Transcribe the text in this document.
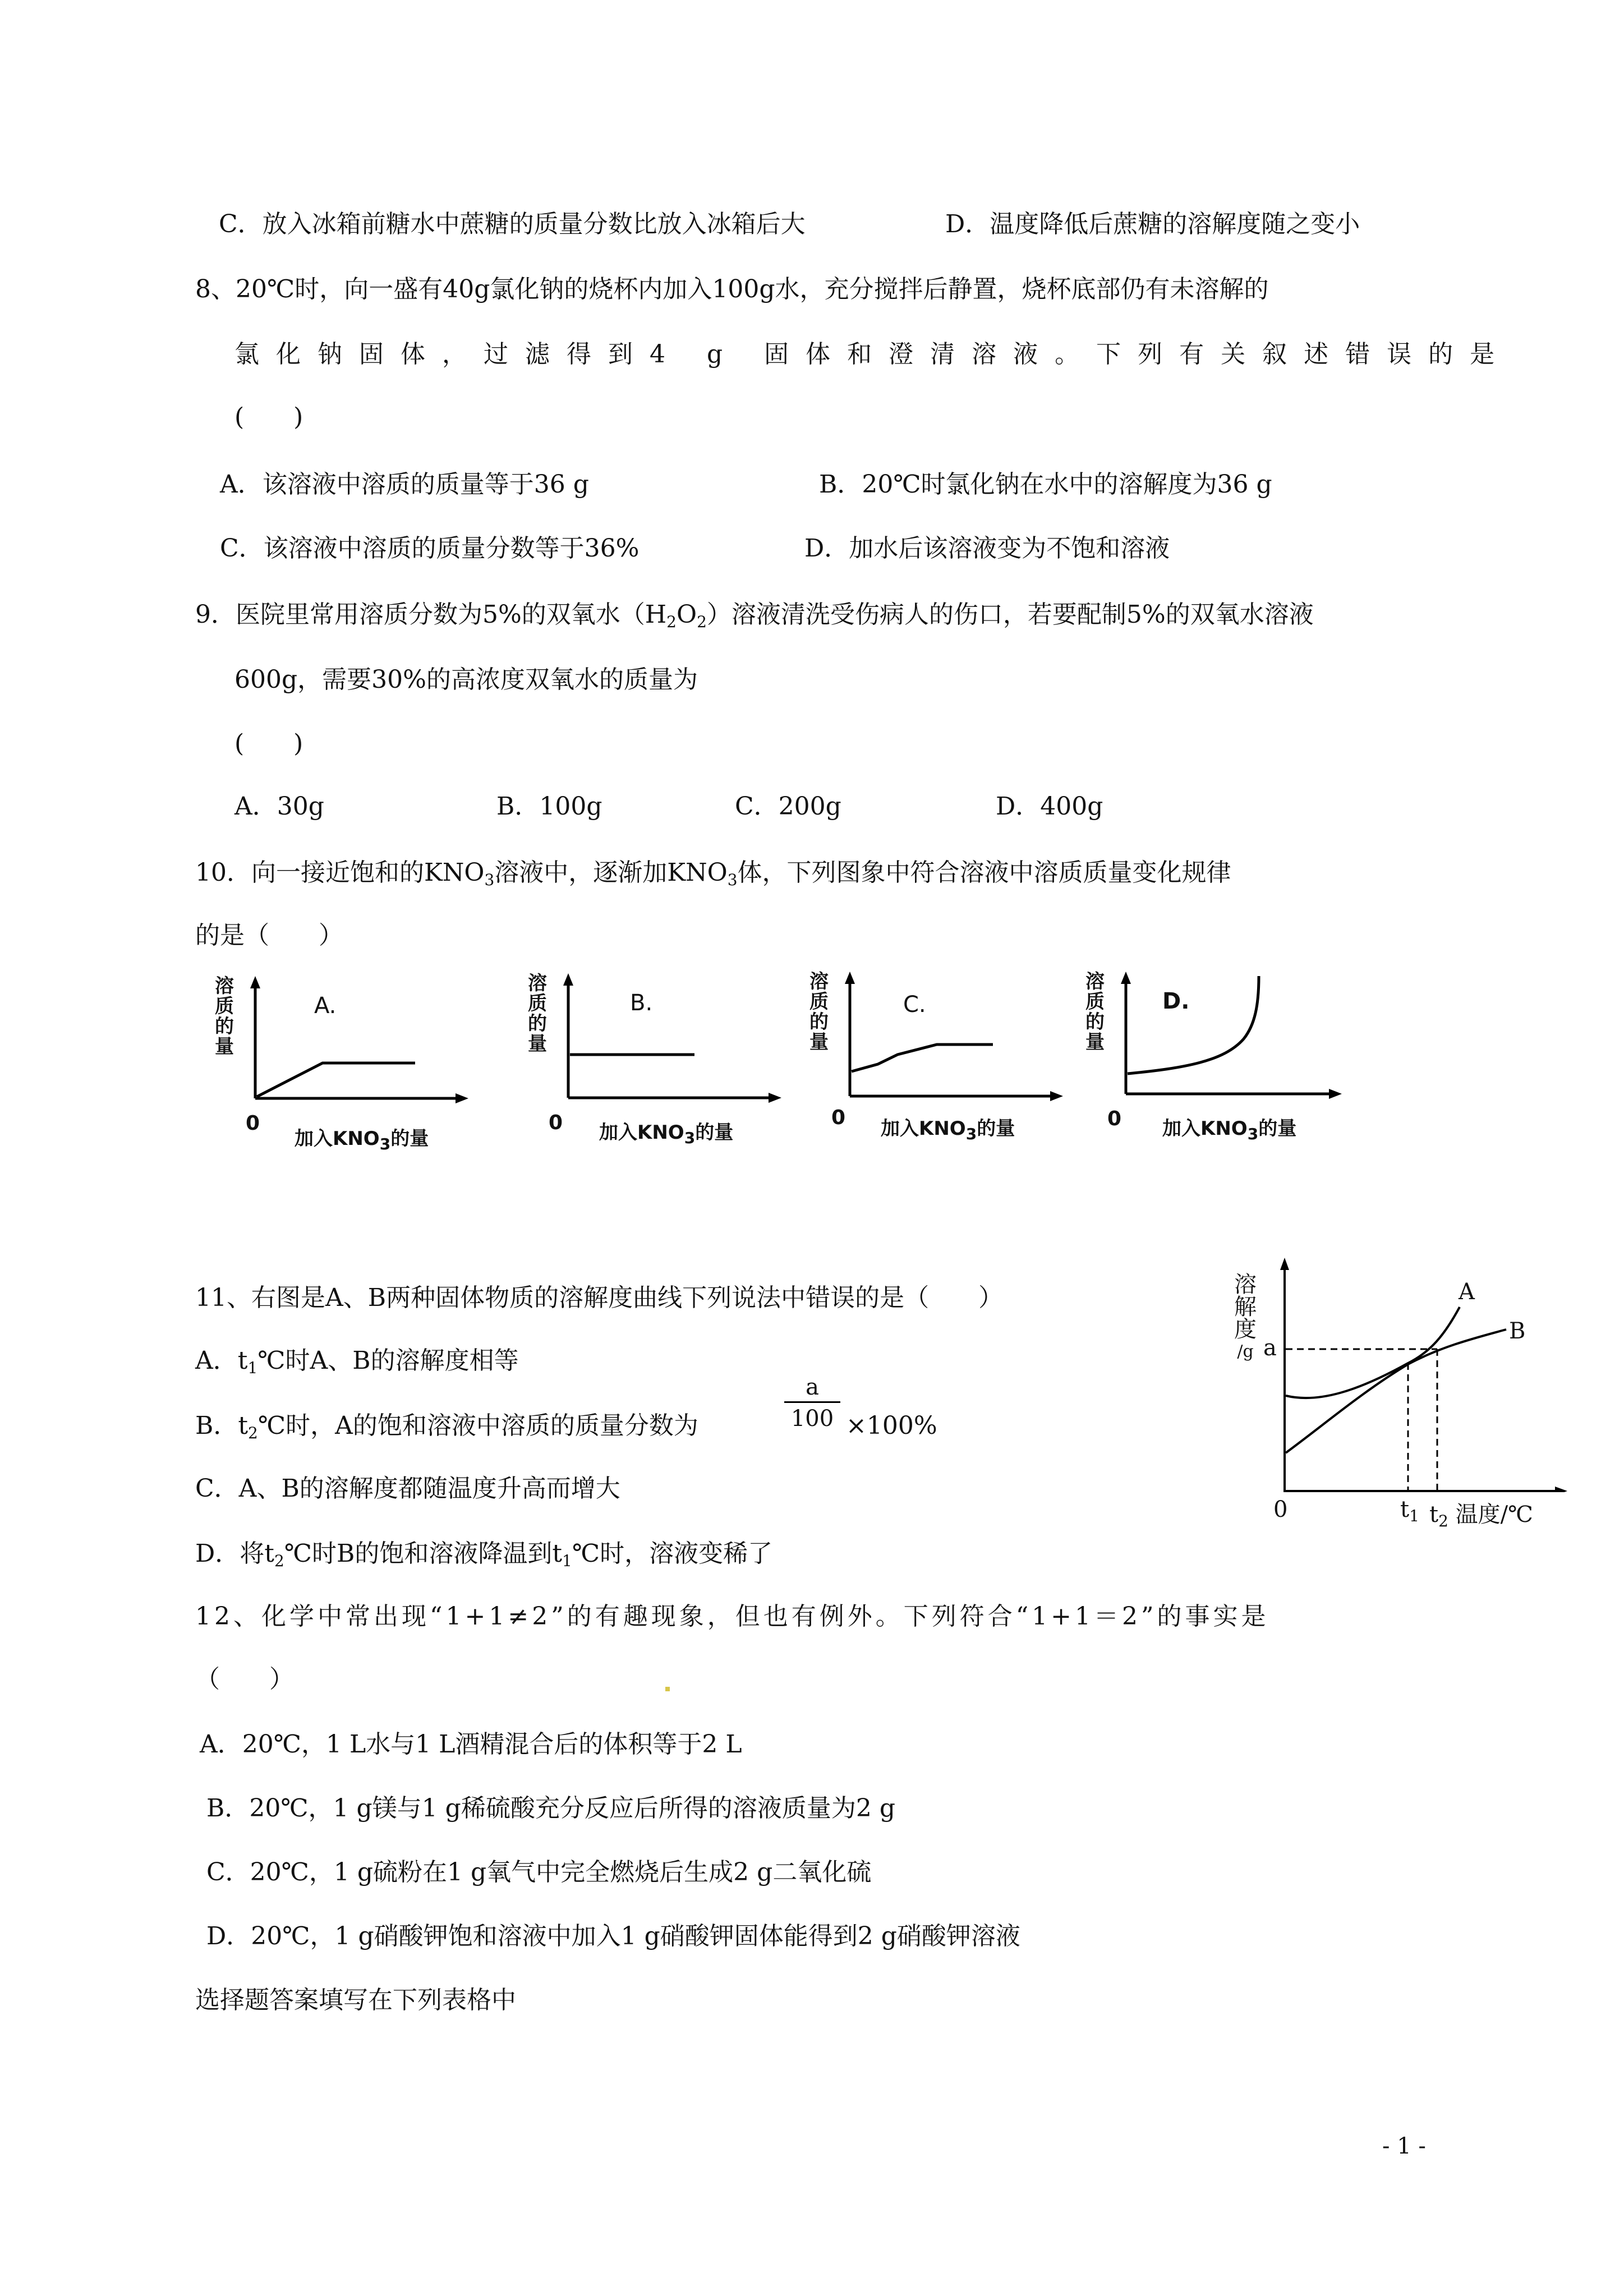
C．放入冰箱前糖水中蔗糖的质量分数比放入冰箱后大	D．温度降低后蔗糖的溶解度随之变小
8、20℃时，向一盛有40g氯化钠的烧杯内加入100g水，充分搅拌后静置，烧杯底部仍有未溶解的
氯化钠固体，过滤得到4 g 固体和澄清溶液。下列有关叙述错误的是
(　　)
A．该溶液中溶质的质量等于36 g	B．20℃时氯化钠在水中的溶解度为36 g
C．该溶液中溶质的质量分数等于36%	D．加水后该溶液变为不饱和溶液
9．医院里常用溶质分数为5%的双氧水$(H_2O_2)$溶液清洗受伤病人的伤口，若要配制5%的双氧水溶液
600g，需要30%的高浓度双氧水的质量为
(　　)
A．30g	B．100g	C．200g	D．400g
10．向一接近饱和的$KNO_3$溶液中，逐渐加$KNO_3$体，下列图象中符合溶液中溶质质量变化规律
的是（　　）
溶
质
的
量
A.
0
加入$KNO_3$的量
溶
质
的
量
B.
0 加入$KNO_3$的量
溶
质
的
量
C.
0 加入$KNO_3$的量
溶
质
的
量
D.
0 加入$KNO_3$的量
11、右图是A、B两种固体物质的溶解度曲线下列说法中错误的是（　　）
A．$t_1℃$时A、B的溶解度相等
B．$t_2℃$时，A的饱和溶液中溶质的质量分数为	$\frac{a}{100} \times 100\%$
C．A、B的溶解度都随温度升高而增大
D．将$t_2℃$时B的饱和溶液降温到$t_1℃$时，溶液变稀了
溶
解
度
/g a
A
B
0	$t_1$ $t_2$ 温度/℃
12、化学中常出现“1+1≠2”的有趣现象，但也有例外。下列符合“1+1＝2”的事实是
（　　）
A．20℃，1 L水与1 L酒精混合后的体积等于2 L
B．20℃，1 g镁与1 g稀硫酸充分反应后所得的溶液质量为2 g
C．20℃，1 g硫粉在1 g氧气中完全燃烧后生成2 g二氧化硫
D．20℃，1 g硝酸钾饱和溶液中加入1 g硝酸钾固体能得到2 g硝酸钾溶液
选择题答案填写在下列表格中
- 1 -
